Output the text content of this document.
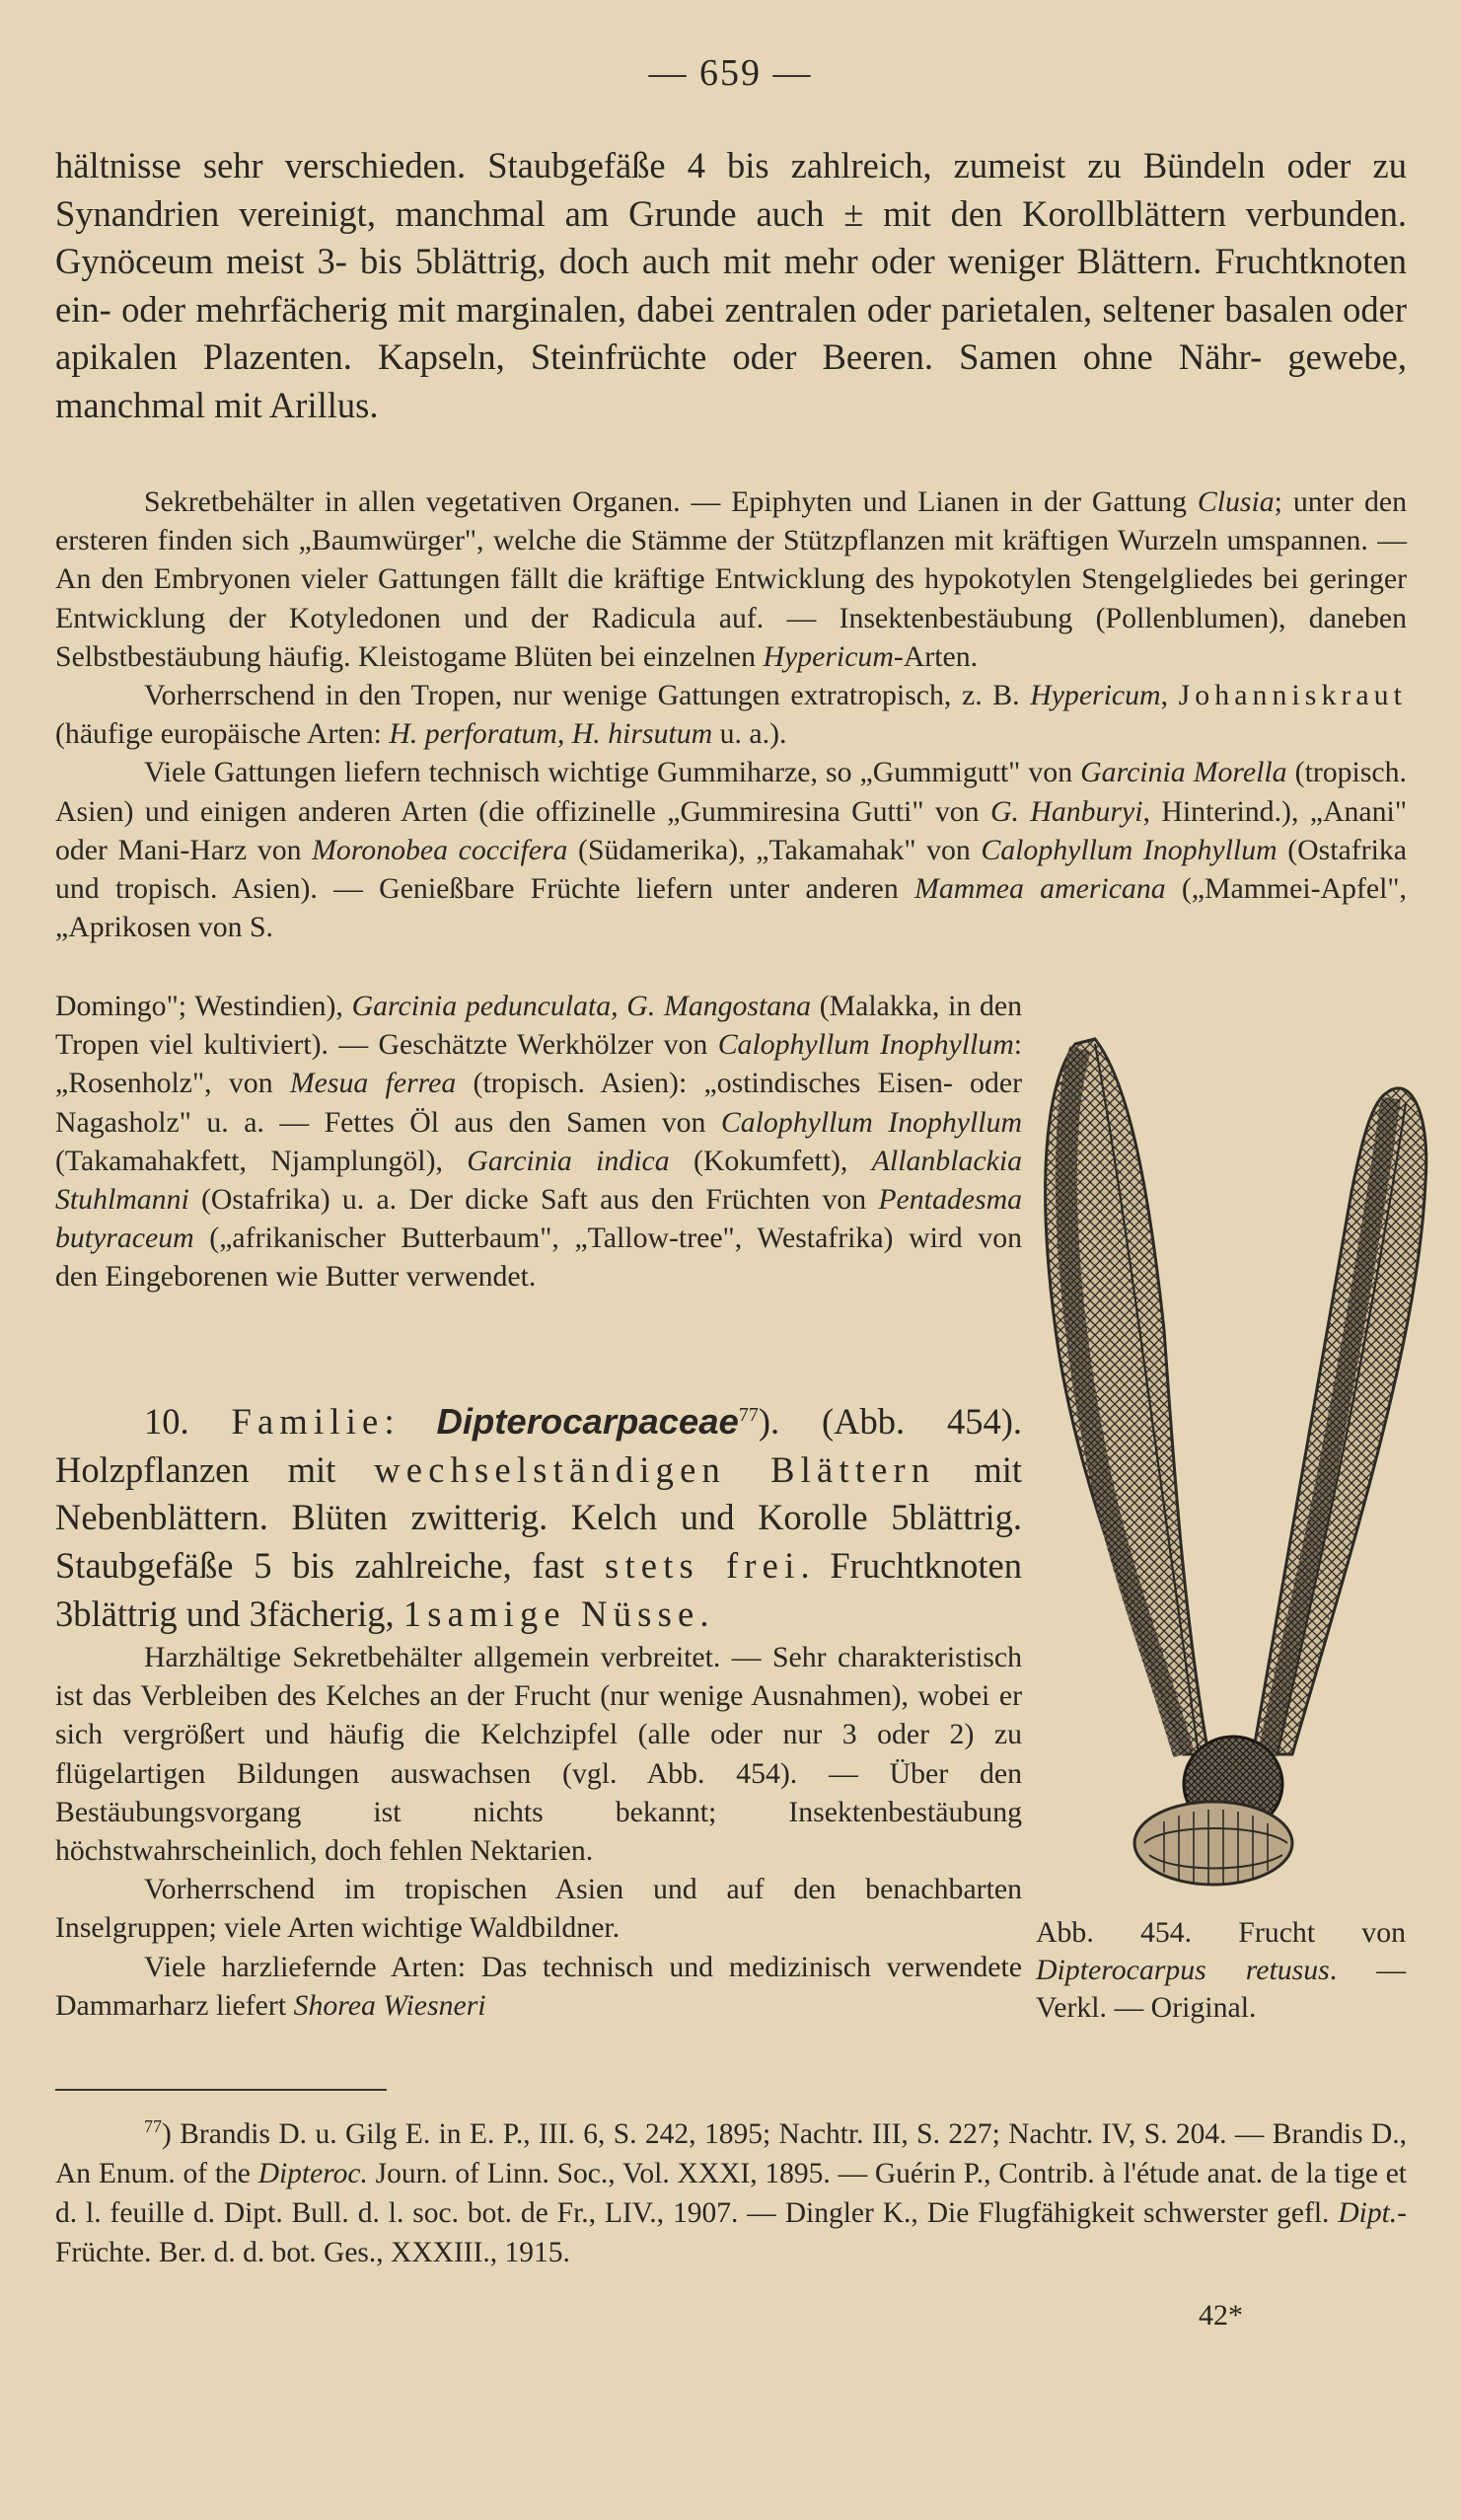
— 659 —

hältnisse sehr verschieden. Staubgefäße 4 bis zahlreich, zumeist zu Bündeln oder zu Synandrien vereinigt, manchmal am Grunde auch ± mit den Korollblättern verbunden. Gynöceum meist 3- bis 5blättrig, doch auch mit mehr oder weniger Blättern. Fruchtknoten ein- oder mehrfächerig mit marginalen, dabei zentralen oder parietalen, seltener basalen oder apikalen Plazenten. Kapseln, Steinfrüchte oder Beeren. Samen ohne Nähr- gewebe, manchmal mit Arillus.

Sekretbehälter in allen vegetativen Organen. — Epiphyten und Lianen in der Gattung Clusia; unter den ersteren finden sich „Baumwürger", welche die Stämme der Stützpflanzen mit kräftigen Wurzeln umspannen. — An den Embryonen vieler Gattungen fällt die kräftige Entwicklung des hypokotylen Stengelgliedes bei geringer Entwicklung der Kotyledonen und der Radicula auf. — Insektenbestäubung (Pollenblumen), daneben Selbstbestäubung häufig. Kleistogame Blüten bei einzelnen Hypericum-Arten.

Vorherrschend in den Tropen, nur wenige Gattungen extratropisch, z. B. Hypericum, Johanniskraut (häufige europäische Arten: H. perforatum, H. hirsutum u. a.).

Viele Gattungen liefern technisch wichtige Gummiharze, so „Gummigutt" von Garcinia Morella (tropisch. Asien) und einigen anderen Arten (die offizinelle „Gummiresina Gutti" von G. Hanburyi, Hinterind.), „Anani" oder Mani-Harz von Moronobea coccifera (Südamerika), „Takamahak" von Calophyllum Inophyllum (Ostafrika und tropisch. Asien). — Genießbare Früchte liefern unter anderen Mammea americana („Mammei-Apfel", „Aprikosen von S.

Domingo"; Westindien), Garcinia pedunculata, G. Mangostana (Malakka, in den Tropen viel kultiviert). — Geschätzte Werkhölzer von Calophyllum Inophyllum: „Rosenholz", von Mesua ferrea (tropisch. Asien): „ostindisches Eisen- oder Nagasholz" u. a. — Fettes Öl aus den Samen von Calophyllum Inophyllum (Takamahakfett, Njamplungöl), Garcinia indica (Kokumfett), Allanblackia Stuhlmanni (Ostafrika) u. a. Der dicke Saft aus den Früchten von Pentadesma butyraceum („afrikanischer Butterbaum", „Tallow-tree", Westafrika) wird von den Eingeborenen wie Butter verwendet.

10. Familie: Dipterocarpaceae$^{77}$). (Abb. 454). Holzpflanzen mit wechselständigen Blättern mit Nebenblättern. Blüten zwitterig. Kelch und Korolle 5blättrig. Staubgefäße 5 bis zahlreiche, fast stets frei. Fruchtknoten 3blättrig und 3fächerig, 1samige Nüsse.

Harzhältige Sekretbehälter allgemein verbreitet. — Sehr charakteristisch ist das Verbleiben des Kelches an der Frucht (nur wenige Ausnahmen), wobei er sich vergrößert und häufig die Kelchzipfel (alle oder nur 3 oder 2) zu flügelartigen Bildungen auswachsen (vgl. Abb. 454). — Über den Bestäubungsvorgang ist nichts bekannt; Insektenbestäubung höchstwahrscheinlich, doch fehlen Nektarien.

Vorherrschend im tropischen Asien und auf den benachbarten Inselgruppen; viele Arten wichtige Waldbildner.

Viele harzliefernde Arten: Das technisch und medizinisch verwendete Dammarharz liefert Shorea Wiesneri

Abb. 454. Frucht von Dipterocarpus retusus. — Verkl. — Original.

$^{77}$) Brandis D. u. Gilg E. in E. P., III. 6, S. 242, 1895; Nachtr. III, S. 227; Nachtr. IV, S. 204. — Brandis D., An Enum. of the Dipteroc. Journ. of Linn. Soc., Vol. XXXI, 1895. — Guérin P., Contrib. à l'étude anat. de la tige et d. l. feuille d. Dipt. Bull. d. l. soc. bot. de Fr., LIV., 1907. — Dingler K., Die Flugfähigkeit schwerster gefl. Dipt.-Früchte. Ber. d. d. bot. Ges., XXXIII., 1915.

42*
